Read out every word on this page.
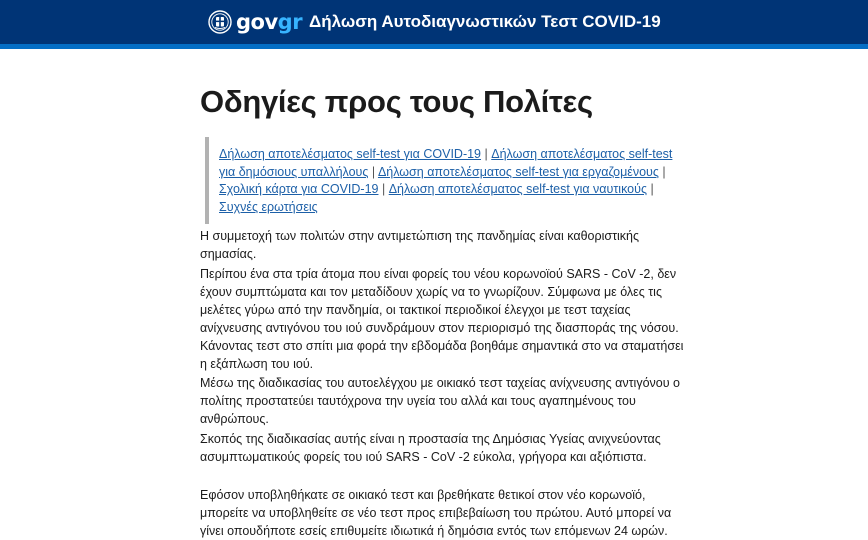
govgr Δήλωση Αυτοδιαγνωστικών Τεστ COVID-19
Οδηγίες προς τους Πολίτες
Δήλωση αποτελέσματος self-test για COVID-19 | Δήλωση αποτελέσματος self-test για δημόσιους υπαλλήλους | Δήλωση αποτελέσματος self-test για εργαζομένους | Σχολική κάρτα για COVID-19 | Δήλωση αποτελέσματος self-test για ναυτικούς | Συχνές ερωτήσεις

Η συμμετοχή των πολιτών στην αντιμετώπιση της πανδημίας είναι καθοριστικής σημασίας.

Περίπου ένα στα τρία άτομα που είναι φορείς του νέου κορωνοϊού SARS - CoV -2, δεν έχουν συμπτώματα και τον μεταδίδουν χωρίς να το γνωρίζουν. Σύμφωνα με όλες τις μελέτες γύρω από την πανδημία, οι τακτικοί περιοδικοί έλεγχοι με τεστ ταχείας ανίχνευσης αντιγόνου του ιού συνδράμουν στον περιορισμό της διασποράς της νόσου. Κάνοντας τεστ στο σπίτι μια φορά την εβδομάδα βοηθάμε σημαντικά στο να σταματήσει η εξάπλωση του ιού.

Μέσω της διαδικασίας του αυτοελέγχου με οικιακό τεστ ταχείας ανίχνευσης αντιγόνου ο πολίτης προστατεύει ταυτόχρονα την υγεία του αλλά και τους αγαπημένους του ανθρώπους.

Σκοπός της διαδικασίας αυτής είναι η προστασία της Δημόσιας Υγείας ανιχνεύοντας ασυμπτωματικούς φορείς του ιού SARS - CoV -2 εύκολα, γρήγορα και αξιόπιστα.

Εφόσον υποβληθήκατε σε οικιακό τεστ και βρεθήκατε θετικοί στον νέο κορωνοϊό, μπορείτε να υποβληθείτε σε νέο τεστ προς επιβεβαίωση του πρώτου. Αυτό μπορεί να γίνει οπουδήποτε εσείς επιθυμείτε ιδιωτικά ή δημόσια εντός των επόμενων 24 ωρών.
